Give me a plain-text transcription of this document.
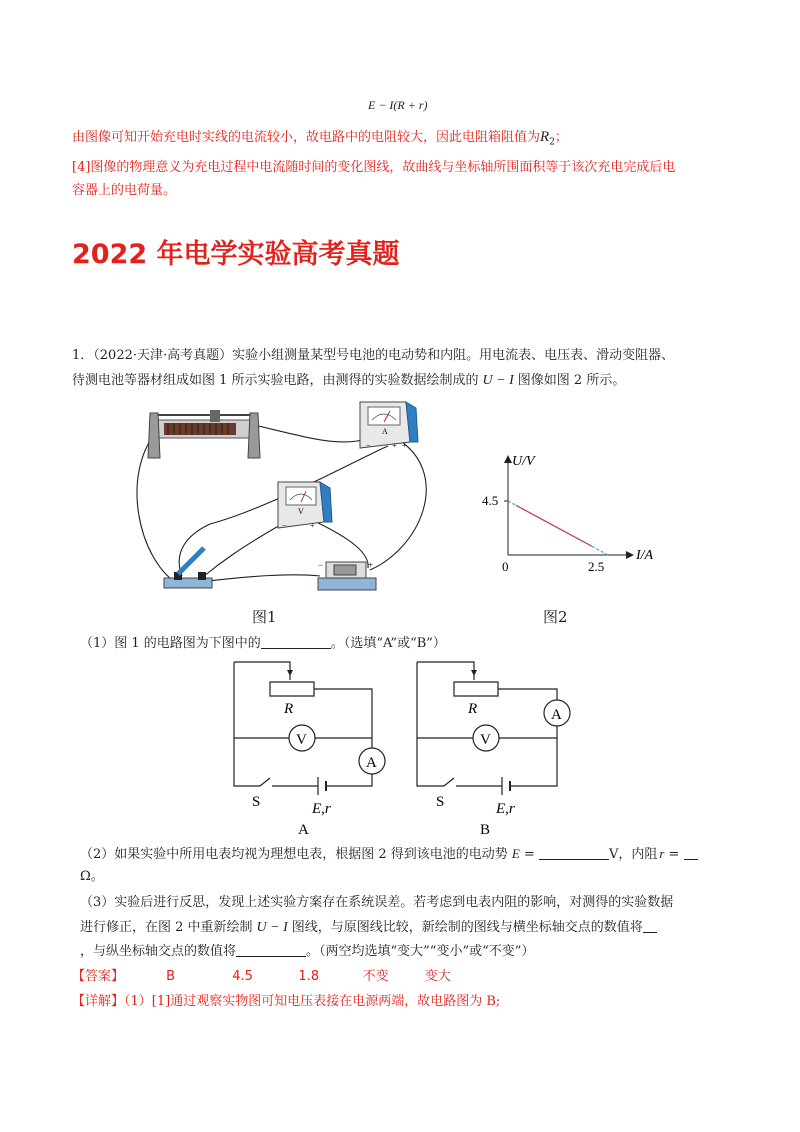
E − I(R + r)
由图像可知开始充电时实线的电流较小，故电路中的电阻较大，因此电阻箱阻值为$R_2$；
[4]图像的物理意义为充电过程中电流随时间的变化图线，故曲线与坐标轴所围面积等于该次充电完成后电
容器上的电荷量。
2022 年电学实验高考真题
1．（2022·天津·高考真题）实验小组测量某型号电池的电动势和内阻。用电流表、电压表、滑动变阻器、
待测电池等器材组成如图 1 所示实验电路，由测得的实验数据绘制成的 U − I 图像如图 2 所示。
A
−	+ +
V
−	+
−	+
U/V
I/A
4.5
0	2.5
图1	图2
（1）图 1 的电路图为下图中的	。（选填“A”或“B”）
R
V
A
S	E,r
A
R	A
V
S	E,r
B
（2）如果实验中所用电表均视为理想电表，根据图 2 得到该电池的电动势 E =	V，内阻 r =
Ω。
（3）实验后进行反思，发现上述实验方案存在系统误差。若考虑到电表内阻的影响，对测得的实验数据
进行修正，在图 2 中重新绘制 U − I 图线，与原图线比较，新绘制的图线与横坐标轴交点的数值将
，与纵坐标轴交点的数值将	。（两空均选填“变大”“变小”或“不变”）
【答案】	B	4.5	1.8	不变	变大
【详解】（1）[1]通过观察实物图可知电压表接在电源两端，故电路图为 B;
